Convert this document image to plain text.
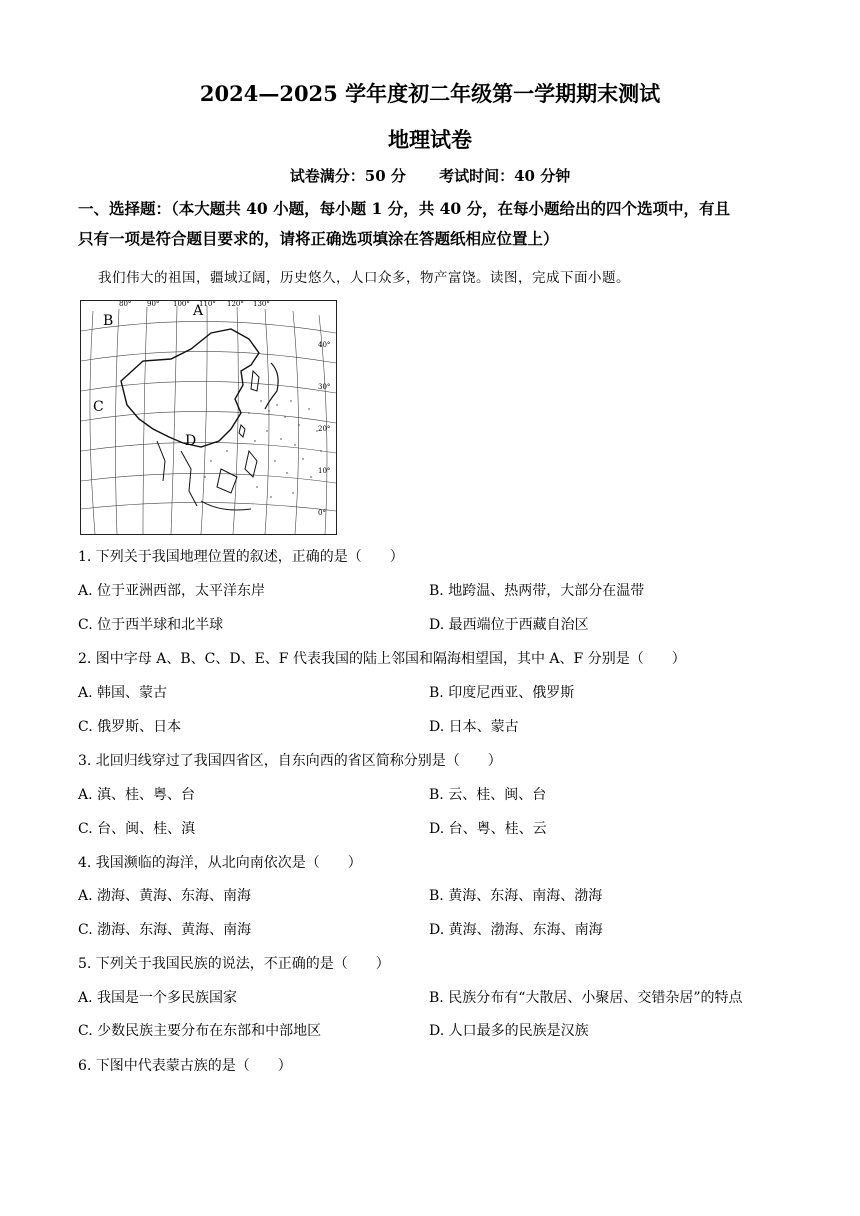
2024—2025 学年度初二年级第一学期期末测试
地理试卷
试卷满分：50 分 考试时间：40 分钟
一、选择题：（本大题共 40 小题，每小题 1 分，共 40 分，在每小题给出的四个选项中，有且
只有一项是符合题目要求的，请将正确选项填涂在答题纸相应位置上）
我们伟大的祖国，疆域辽阔，历史悠久，人口众多，物产富饶。读图，完成下面小题。
80° 90° 100° 110° 120° 130°
40°
30°
20°
10°
0°
A
B
C
D
1. 下列关于我国地理位置的叙述，正确的是（　　）
A. 位于亚洲西部，太平洋东岸	B. 地跨温、热两带，大部分在温带
C. 位于西半球和北半球	D. 最西端位于西藏自治区
2. 图中字母 A、B、C、D、E、F 代表我国的陆上邻国和隔海相望国，其中 A、F 分别是（　　）
A. 韩国、蒙古	B. 印度尼西亚、俄罗斯
C. 俄罗斯、日本	D. 日本、蒙古
3. 北回归线穿过了我国四省区，自东向西的省区简称分别是（　　）
A. 滇、桂、粤、台	B. 云、桂、闽、台
C. 台、闽、桂、滇	D. 台、粤、桂、云
4. 我国濒临的海洋，从北向南依次是（　　）
A. 渤海、黄海、东海、南海	B. 黄海、东海、南海、渤海
C. 渤海、东海、黄海、南海	D. 黄海、渤海、东海、南海
5. 下列关于我国民族的说法，不正确的是（　　）
A. 我国是一个多民族国家	B. 民族分布有“大散居、小聚居、交错杂居”的特点
C. 少数民族主要分布在东部和中部地区	D. 人口最多的民族是汉族
6. 下图中代表蒙古族的是（　　）
